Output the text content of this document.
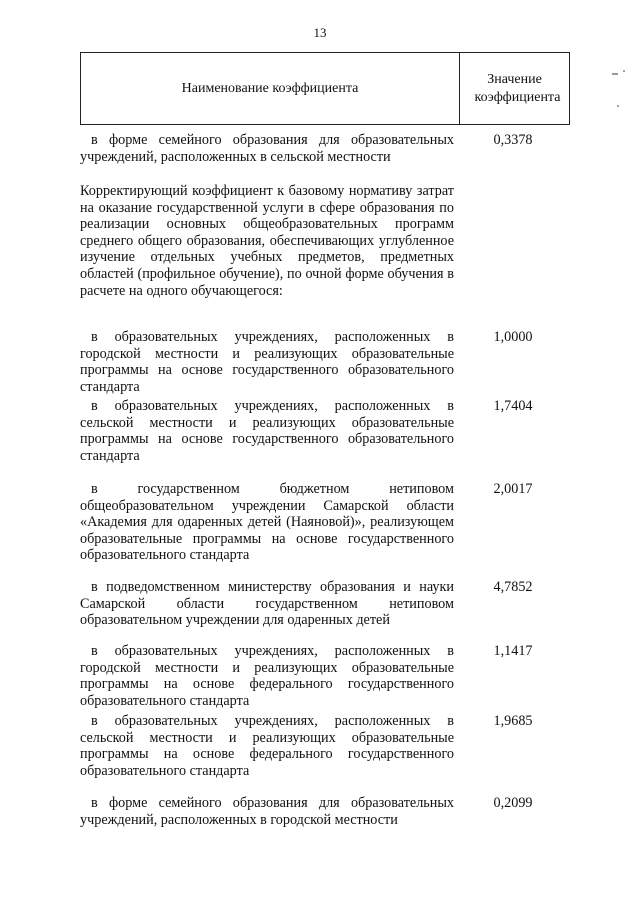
13
Наименование коэффициента
Значение коэффициента
в форме семейного образования для образовательных учреждений, расположенных в сельской местности
0,3378
Корректирующий коэффициент к базовому нормативу затрат на оказание государственной услуги в сфере образования по реализации основных общеобразовательных программ среднего общего образования, обеспечивающих углубленное изучение отдельных учебных предметов, предметных областей (профильное обучение), по очной форме обучения в расчете на одного обучающегося:
в образовательных учреждениях, расположенных в городской местности и реализующих образовательные программы на основе государственного образовательного стандарта
1,0000
в образовательных учреждениях, расположенных в сельской местности и реализующих образовательные программы на основе государственного образовательного стандарта
1,7404
в государственном бюджетном нетиповом общеобразовательном учреждении Самарской области «Академия для одаренных детей (Наяновой)», реализующем образовательные программы на основе государственного образовательного стандарта
2,0017
в подведомственном министерству образования и науки Самарской области государственном нетиповом образовательном учреждении для одаренных детей
4,7852
в образовательных учреждениях, расположенных в городской местности и реализующих образовательные программы на основе федерального государственного образовательного стандарта
1,1417
в образовательных учреждениях, расположенных в сельской местности и реализующих образовательные программы на основе федерального государственного образовательного стандарта
1,9685
в форме семейного образования для образовательных учреждений, расположенных в городской местности
0,2099
